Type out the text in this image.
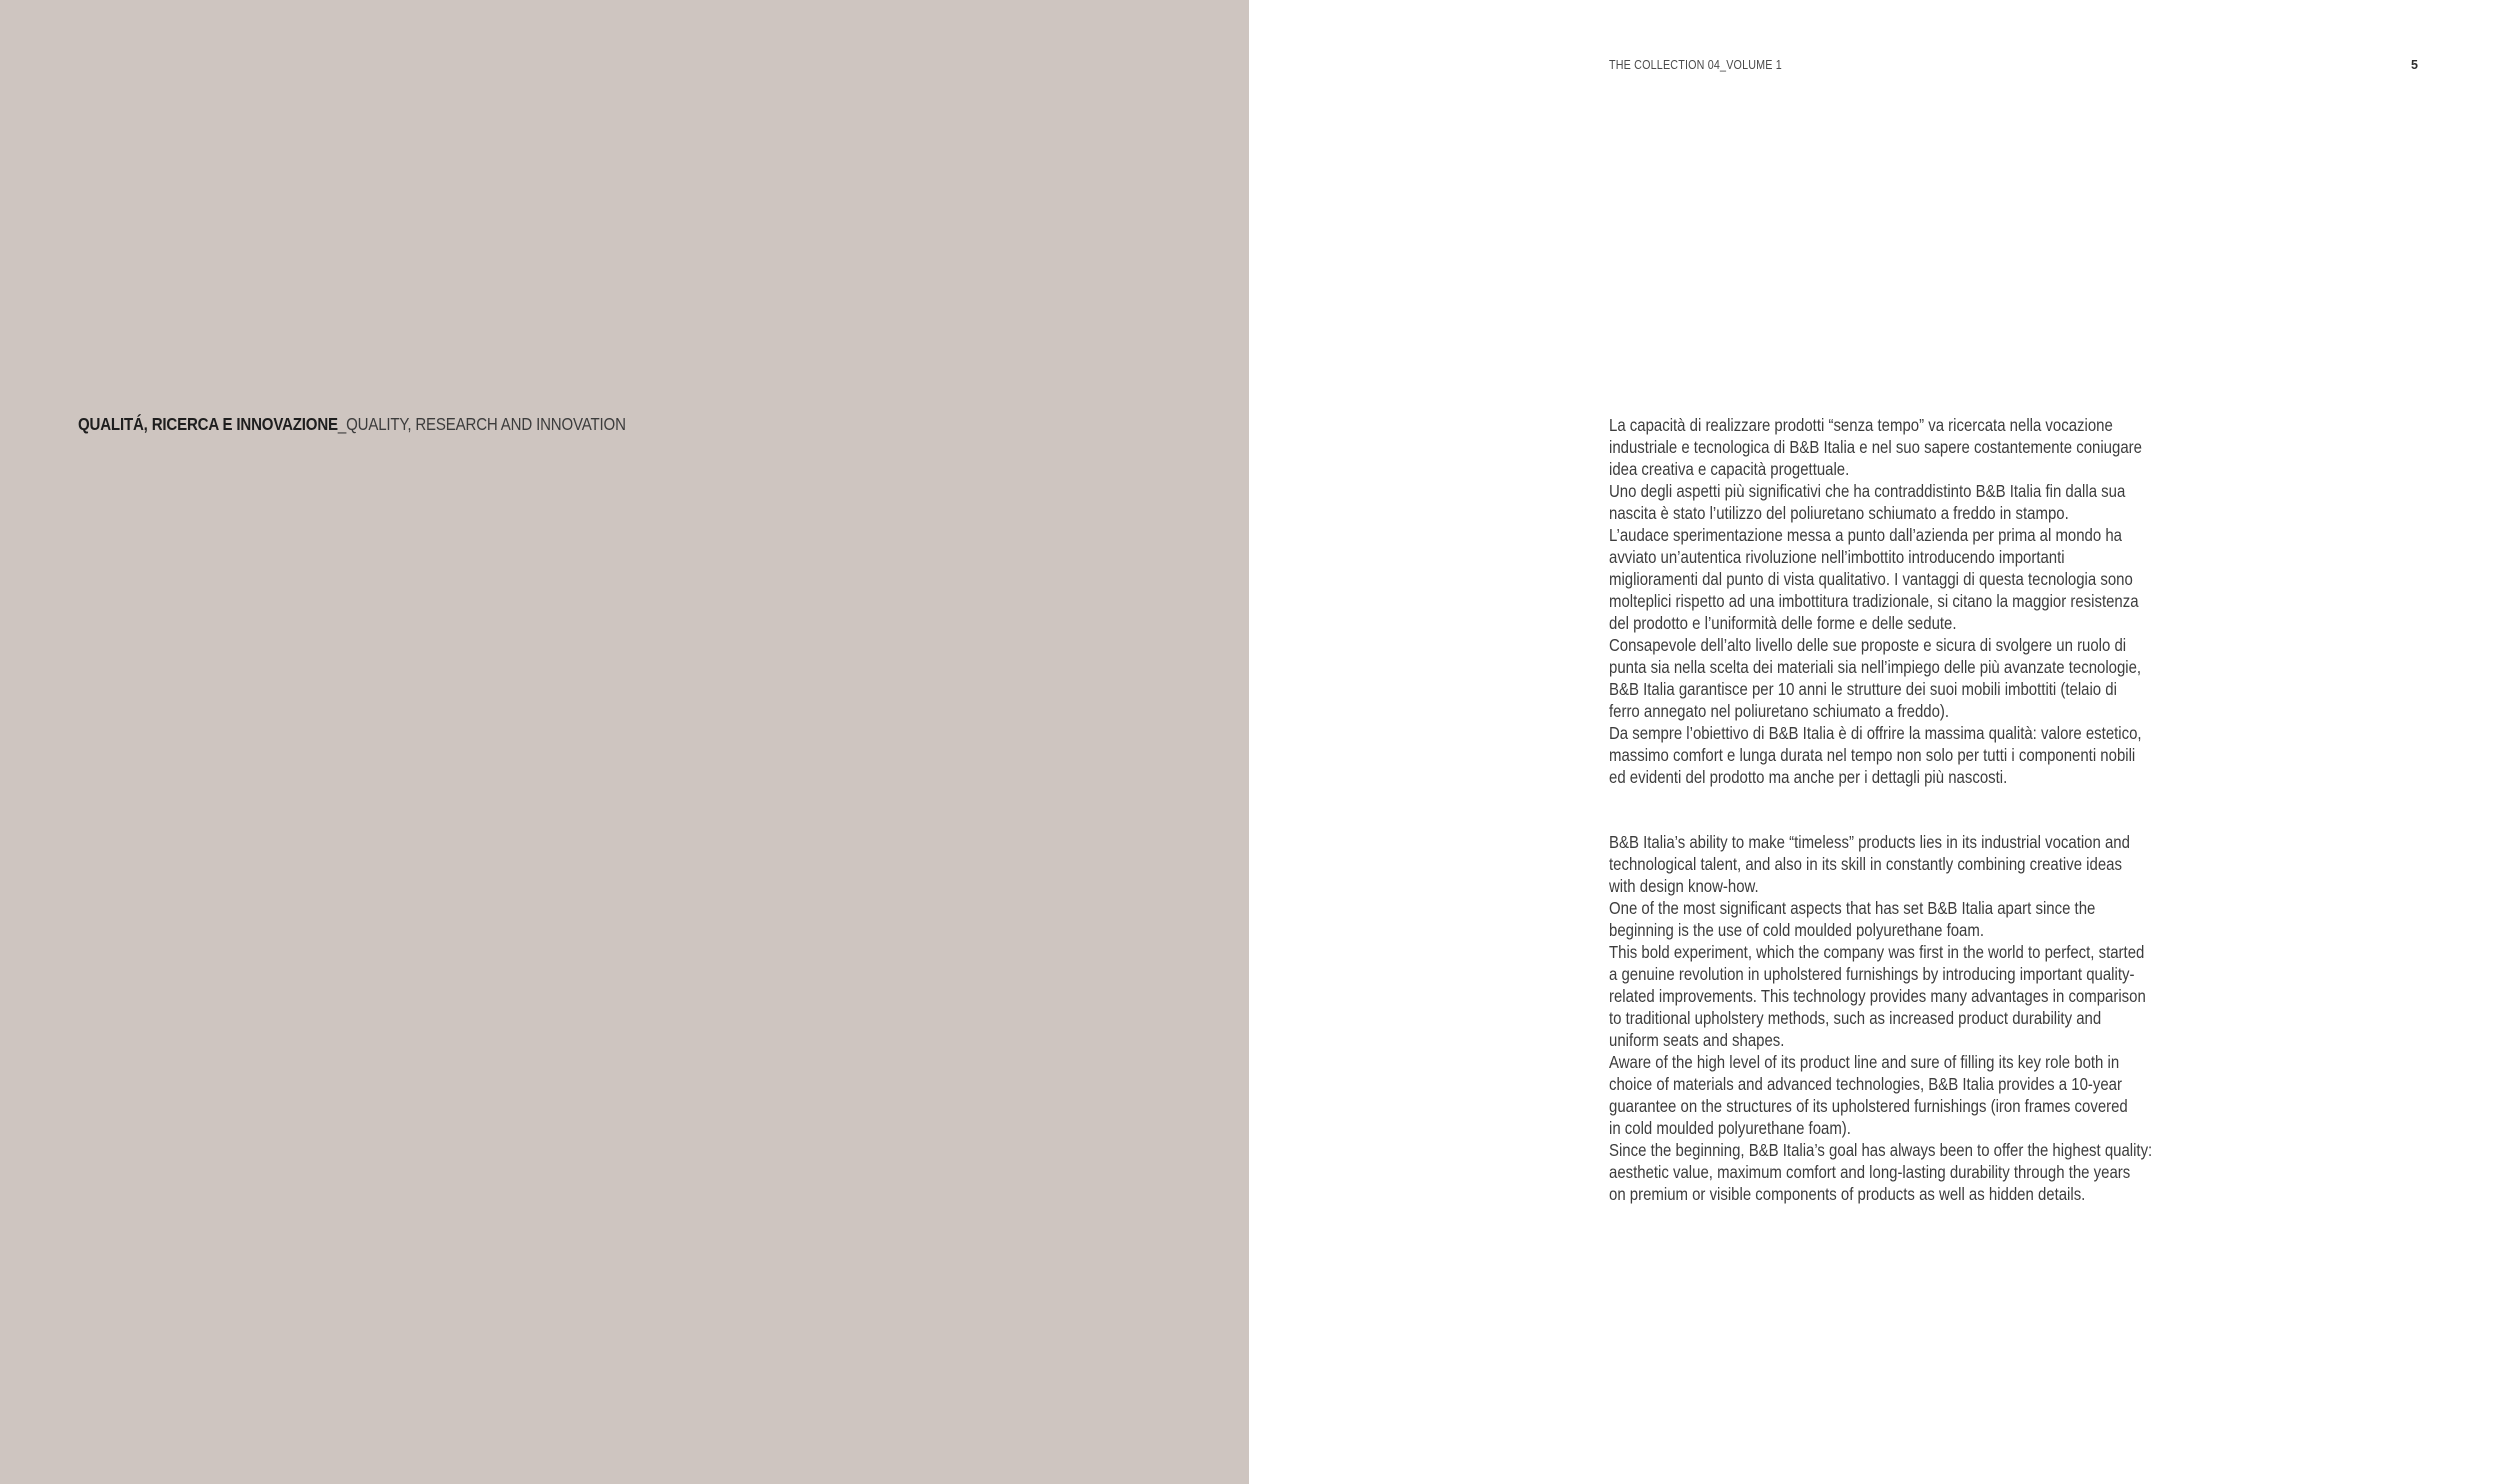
QUALITÁ, RICERCA E INNOVAZIONE_QUALITY, RESEARCH AND INNOVATION
THE COLLECTION 04_VOLUME 1	5

La capacità di realizzare prodotti “senza tempo” va ricercata nella vocazione

industriale e tecnologica di B&B Italia e nel suo sapere costantemente coniugare

idea creativa e capacità progettuale.

Uno degli aspetti più significativi che ha contraddistinto B&B Italia fin dalla sua

nascita è stato l’utilizzo del poliuretano schiumato a freddo in stampo.

L’audace sperimentazione messa a punto dall’azienda per prima al mondo ha

avviato un’autentica rivoluzione nell’imbottito introducendo importanti

miglioramenti dal punto di vista qualitativo. I vantaggi di questa tecnologia sono

molteplici rispetto ad una imbottitura tradizionale, si citano la maggior resistenza

del prodotto e l’uniformità delle forme e delle sedute.

Consapevole dell’alto livello delle sue proposte e sicura di svolgere un ruolo di

punta sia nella scelta dei materiali sia nell’impiego delle più avanzate tecnologie,

B&B Italia garantisce per 10 anni le strutture dei suoi mobili imbottiti (telaio di

ferro annegato nel poliuretano schiumato a freddo).

Da sempre l’obiettivo di B&B Italia è di offrire la massima qualità: valore estetico,

massimo comfort e lunga durata nel tempo non solo per tutti i componenti nobili

ed evidenti del prodotto ma anche per i dettagli più nascosti.

B&B Italia’s ability to make “timeless” products lies in its industrial vocation and

technological talent, and also in its skill in constantly combining creative ideas

with design know-how.

One of the most significant aspects that has set B&B Italia apart since the

beginning is the use of cold moulded polyurethane foam.

This bold experiment, which the company was first in the world to perfect, started

a genuine revolution in upholstered furnishings by introducing important quality-

related improvements. This technology provides many advantages in comparison

to traditional upholstery methods, such as increased product durability and

uniform seats and shapes.

Aware of the high level of its product line and sure of filling its key role both in

choice of materials and advanced technologies, B&B Italia provides a 10-year

guarantee on the structures of its upholstered furnishings (iron frames covered

in cold moulded polyurethane foam).

Since the beginning, B&B Italia’s goal has always been to offer the highest quality:

aesthetic value, maximum comfort and long-lasting durability through the years

on premium or visible components of products as well as hidden details.
